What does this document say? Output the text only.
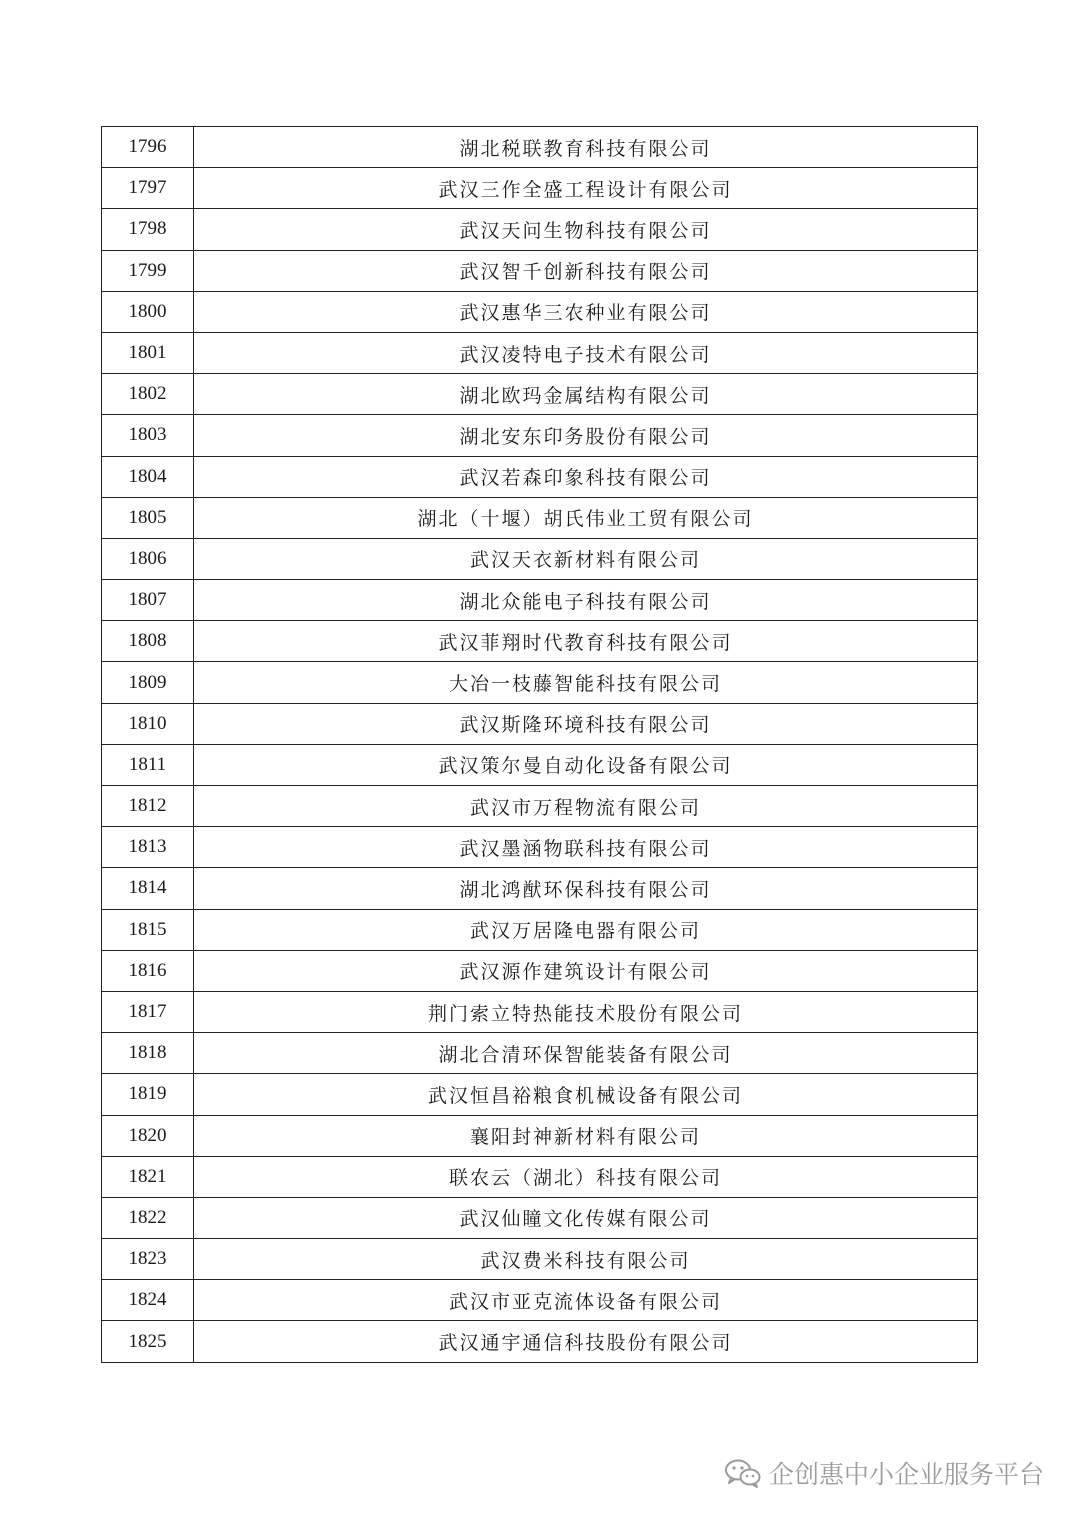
1796	湖北税联教育科技有限公司
1797	武汉三作全盛工程设计有限公司
1798	武汉天问生物科技有限公司
1799	武汉智千创新科技有限公司
1800	武汉惠华三农种业有限公司
1801	武汉凌特电子技术有限公司
1802	湖北欧玛金属结构有限公司
1803	湖北安东印务股份有限公司
1804	武汉若森印象科技有限公司
1805	湖北（十堰）胡氏伟业工贸有限公司
1806	武汉天衣新材料有限公司
1807	湖北众能电子科技有限公司
1808	武汉菲翔时代教育科技有限公司
1809	大冶一枝藤智能科技有限公司
1810	武汉斯隆环境科技有限公司
1811	武汉策尔曼自动化设备有限公司
1812	武汉市万程物流有限公司
1813	武汉墨涵物联科技有限公司
1814	湖北鸿猷环保科技有限公司
1815	武汉万居隆电器有限公司
1816	武汉源作建筑设计有限公司
1817	荆门索立特热能技术股份有限公司
1818	湖北合清环保智能装备有限公司
1819	武汉恒昌裕粮食机械设备有限公司
1820	襄阳封神新材料有限公司
1821	联农云（湖北）科技有限公司
1822	武汉仙瞳文化传媒有限公司
1823	武汉费米科技有限公司
1824	武汉市亚克流体设备有限公司
1825	武汉通宇通信科技股份有限公司
企创惠中小企业服务平台
